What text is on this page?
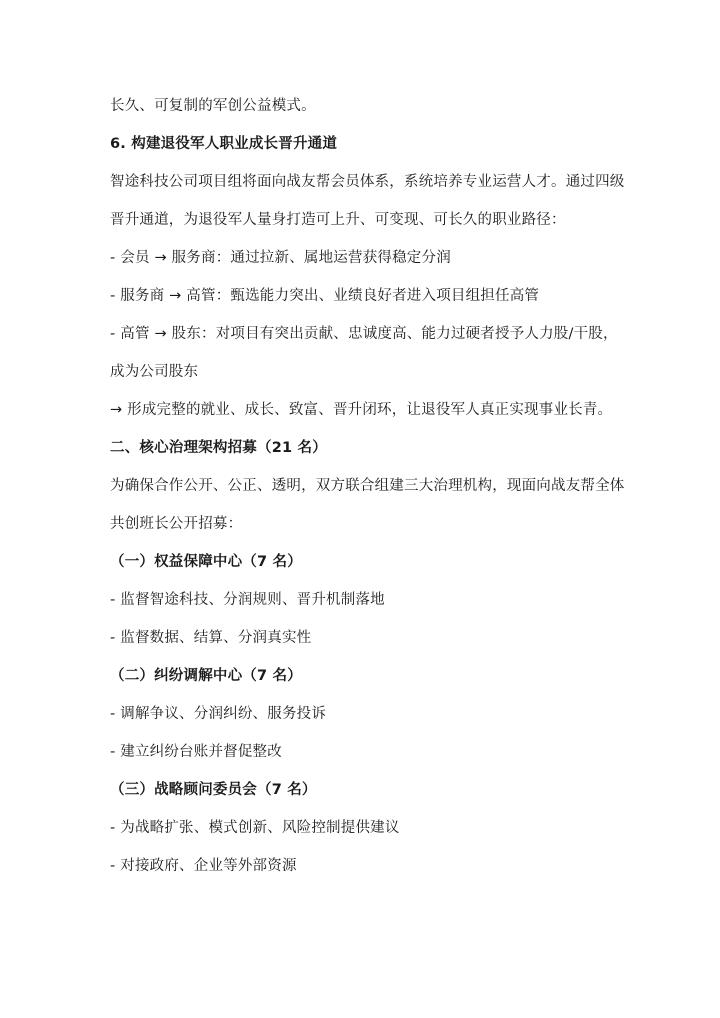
长久、可复制的军创公益模式。
6. 构建退役军人职业成长晋升通道
智途科技公司项目组将面向战友帮会员体系，系统培养专业运营人才。通过四级
晋升通道，为退役军人量身打造可上升、可变现、可长久的职业路径：
- 会员 → 服务商：通过拉新、属地运营获得稳定分润
- 服务商 → 高管：甄选能力突出、业绩良好者进入项目组担任高管
- 高管 → 股东：对项目有突出贡献、忠诚度高、能力过硬者授予人力股/干股，
成为公司股东
→ 形成完整的就业、成长、致富、晋升闭环，让退役军人真正实现事业长青。
二、核心治理架构招募（21 名）
为确保合作公开、公正、透明，双方联合组建三大治理机构，现面向战友帮全体
共创班长公开招募：
（一）权益保障中心（7 名）
- 监督智途科技、分润规则、晋升机制落地
- 监督数据、结算、分润真实性
（二）纠纷调解中心（7 名）
- 调解争议、分润纠纷、服务投诉
- 建立纠纷台账并督促整改
（三）战略顾问委员会（7 名）
- 为战略扩张、模式创新、风险控制提供建议
- 对接政府、企业等外部资源
